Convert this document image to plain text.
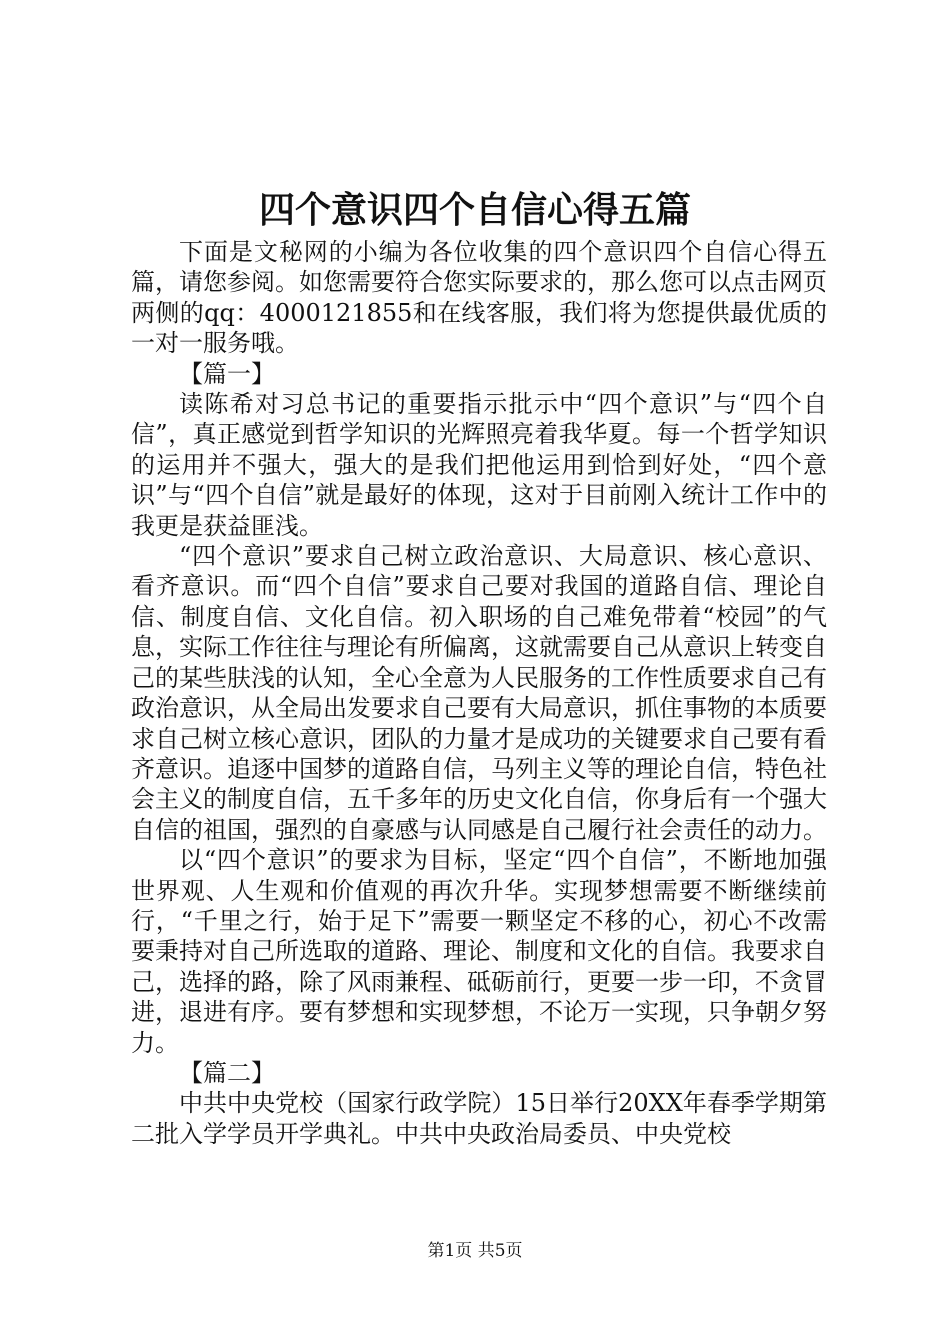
四个意识四个自信心得五篇

下面是文秘网的小编为各位收集的四个意识四个自信心得五篇，请您参阅。如您需要符合您实际要求的，那么您可以点击网页两侧的qq：4000121855和在线客服，我们将为您提供最优质的一对一服务哦。

【篇一】

读陈希对习总书记的重要指示批示中“四个意识”与“四个自信”，真正感觉到哲学知识的光辉照亮着我华夏。每一个哲学知识的运用并不强大，强大的是我们把他运用到恰到好处，“四个意识”与“四个自信”就是最好的体现，这对于目前刚入统计工作中的我更是获益匪浅。

“四个意识”要求自己树立政治意识、大局意识、核心意识、看齐意识。而“四个自信”要求自己要对我国的道路自信、理论自信、制度自信、文化自信。初入职场的自己难免带着“校园”的气息，实际工作往往与理论有所偏离，这就需要自己从意识上转变自己的某些肤浅的认知，全心全意为人民服务的工作性质要求自己有政治意识，从全局出发要求自己要有大局意识，抓住事物的本质要求自己树立核心意识，团队的力量才是成功的关键要求自己要有看齐意识。追逐中国梦的道路自信，马列主义等的理论自信，特色社会主义的制度自信，五千多年的历史文化自信，你身后有一个强大自信的祖国，强烈的自豪感与认同感是自己履行社会责任的动力。

以“四个意识”的要求为目标，坚定“四个自信”，不断地加强世界观、人生观和价值观的再次升华。实现梦想需要不断继续前行，“千里之行，始于足下”需要一颗坚定不移的心，初心不改需要秉持对自己所选取的道路、理论、制度和文化的自信。我要求自己，选择的路，除了风雨兼程、砥砺前行，更要一步一印，不贪冒进，退进有序。要有梦想和实现梦想，不论万一实现，只争朝夕努力。

【篇二】

中共中央党校（国家行政学院）15日举行20XX年春季学期第二批入学学员开学典礼。中共中央政治局委员、中央党校

第1页 共5页
